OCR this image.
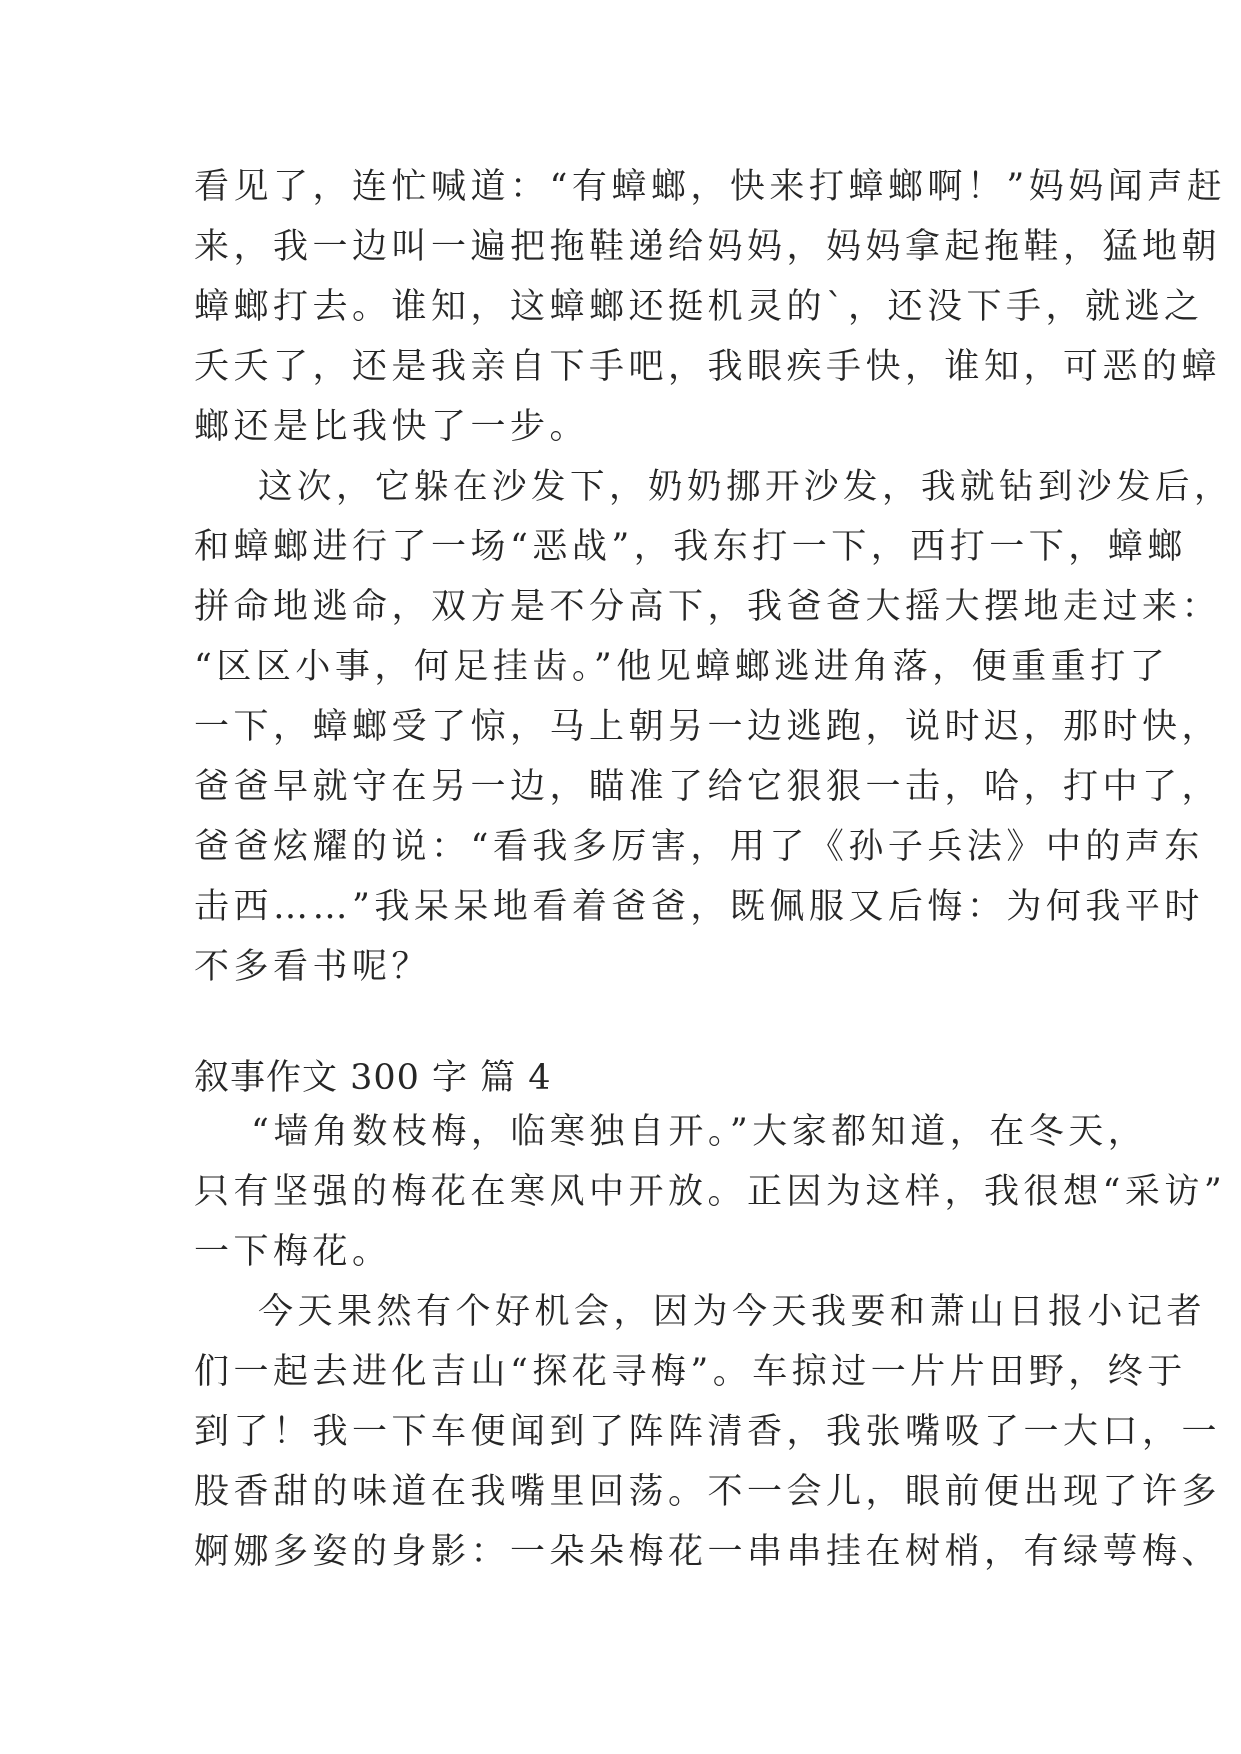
看见了，连忙喊道：“有蟑螂，快来打蟑螂啊！”妈妈闻声赶
来，我一边叫一遍把拖鞋递给妈妈，妈妈拿起拖鞋，猛地朝
蟑螂打去。谁知，这蟑螂还挺机灵的`，还没下手，就逃之
夭夭了，还是我亲自下手吧，我眼疾手快，谁知，可恶的蟑
螂还是比我快了一步。
这次，它躲在沙发下，奶奶挪开沙发，我就钻到沙发后，
和蟑螂进行了一场“恶战”，我东打一下，西打一下，蟑螂
拼命地逃命，双方是不分高下，我爸爸大摇大摆地走过来：
“区区小事，何足挂齿。”他见蟑螂逃进角落，便重重打了
一下，蟑螂受了惊，马上朝另一边逃跑，说时迟，那时快，
爸爸早就守在另一边，瞄准了给它狠狠一击，哈，打中了，
爸爸炫耀的说：“看我多厉害，用了《孙子兵法》中的声东
击西……”我呆呆地看着爸爸，既佩服又后悔：为何我平时
不多看书呢？
叙事作文 300 字 篇 4
“墙角数枝梅，临寒独自开。”大家都知道，在冬天，
只有坚强的梅花在寒风中开放。正因为这样，我很想“采访”
一下梅花。
今天果然有个好机会，因为今天我要和萧山日报小记者
们一起去进化吉山“探花寻梅”。车掠过一片片田野，终于
到了！我一下车便闻到了阵阵清香，我张嘴吸了一大口，一
股香甜的味道在我嘴里回荡。不一会儿，眼前便出现了许多
婀娜多姿的身影：一朵朵梅花一串串挂在树梢，有绿萼梅、
